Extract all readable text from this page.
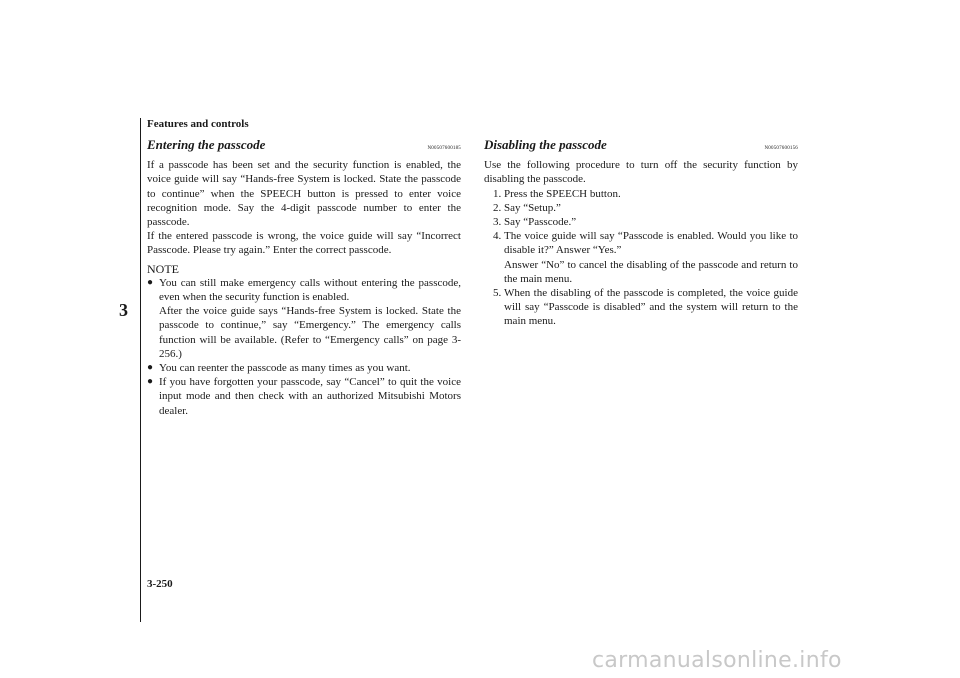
Features and controls
3
Entering the passcode	N00507600185

If a passcode has been set and the security function is enabled, the voice guide will say “Hands-free System is locked. State the passcode to continue” when the SPEECH button is pressed to enter voice recognition mode. Say the 4-digit passcode number to enter the passcode.

If the entered passcode is wrong, the voice guide will say “Incorrect Passcode. Please try again.” Enter the correct passcode.

NOTE
● You can still make emergency calls without entering the passcode, even when the security function is enabled.
After the voice guide says “Hands-free System is locked. State the passcode to continue,” say “Emergency.” The emergency calls function will be available. (Refer to “Emergency calls” on page 3-256.)
● You can reenter the passcode as many times as you want.
● If you have forgotten your passcode, say “Cancel” to quit the voice input mode and then check with an authorized Mitsubishi Motors dealer.
Disabling the passcode	N00507600156

Use the following procedure to turn off the security function by disabling the passcode.

1. Press the SPEECH button.
2. Say “Setup.”
3. Say “Passcode.”
4. The voice guide will say “Passcode is enabled. Would you like to disable it?” Answer “Yes.”
Answer “No” to cancel the disabling of the passcode and return to the main menu.
5. When the disabling of the passcode is completed, the voice guide will say “Passcode is disabled” and the system will return to the main menu.
3-250
carmanualsonline.info
